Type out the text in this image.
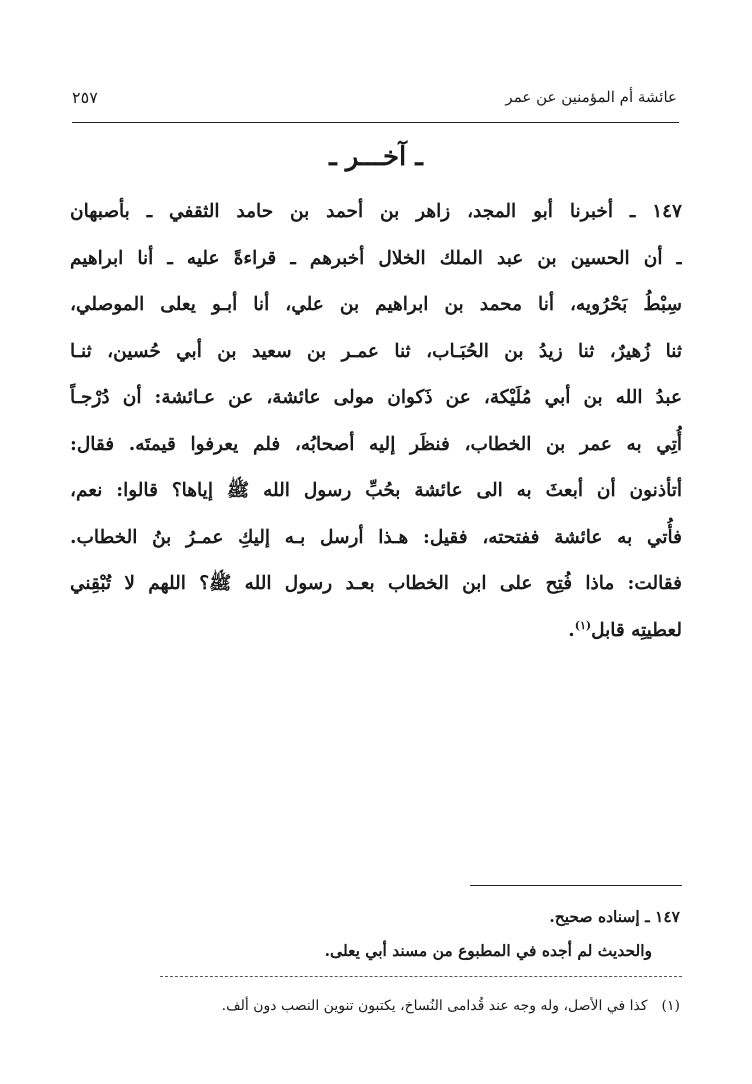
عائشة أم المؤمنين عن عمر
٢٥٧
ـ آخـــر ـ
١٤٧ ـ أخبرنا أبو المجد، زاهر بن أحمد بن حامد الثقفي ـ بأصبهان
ـ أن الحسين بن عبد الملك الخلال أخبرهم ـ قراءةً عليه ـ أنا ابراهيم
سِبْطُ بَحْرُويه، أنا محمد بن ابراهيم بن علي، أنا أبـو يعلى الموصلي،
ثنا زُهيرٌ، ثنا زيدُ بن الحُبَـاب، ثنا عمـر بن سعيد بن أبي حُسين، ثنـا
عبدُ الله بن أبي مُلَيْكة، عن ذَكوان مولى عائشة، عن عـائشة: أن دُرْجـاً
أُتِي به عمر بن الخطاب، فنظَر إليه أصحابُه، فلم يعرفوا قيمتَه. فقال:
أتأذنون أن أبعثَ به الى عائشة بحُبِّ رسول الله ﷺ إياها؟ قالوا: نعم،
فأُتي به عائشة ففتحته، فقيل: هـذا أرسل بـه إليكِ عمـرُ بنُ الخطاب.
فقالت: ماذا فُتِح على ابن الخطاب بعـد رسول الله ﷺ؟ اللهم لا تُبْقِني
لعطيتِه قابل$^{(١)}$.
١٤٧ ـ إسناده صحيح.
والحديث لم أجده في المطبوع من مسند أبي يعلى.
(١)كذا في الأصل، وله وجه عند قُدامى النُساخ، يكتبون تنوين النصب دون ألف.
